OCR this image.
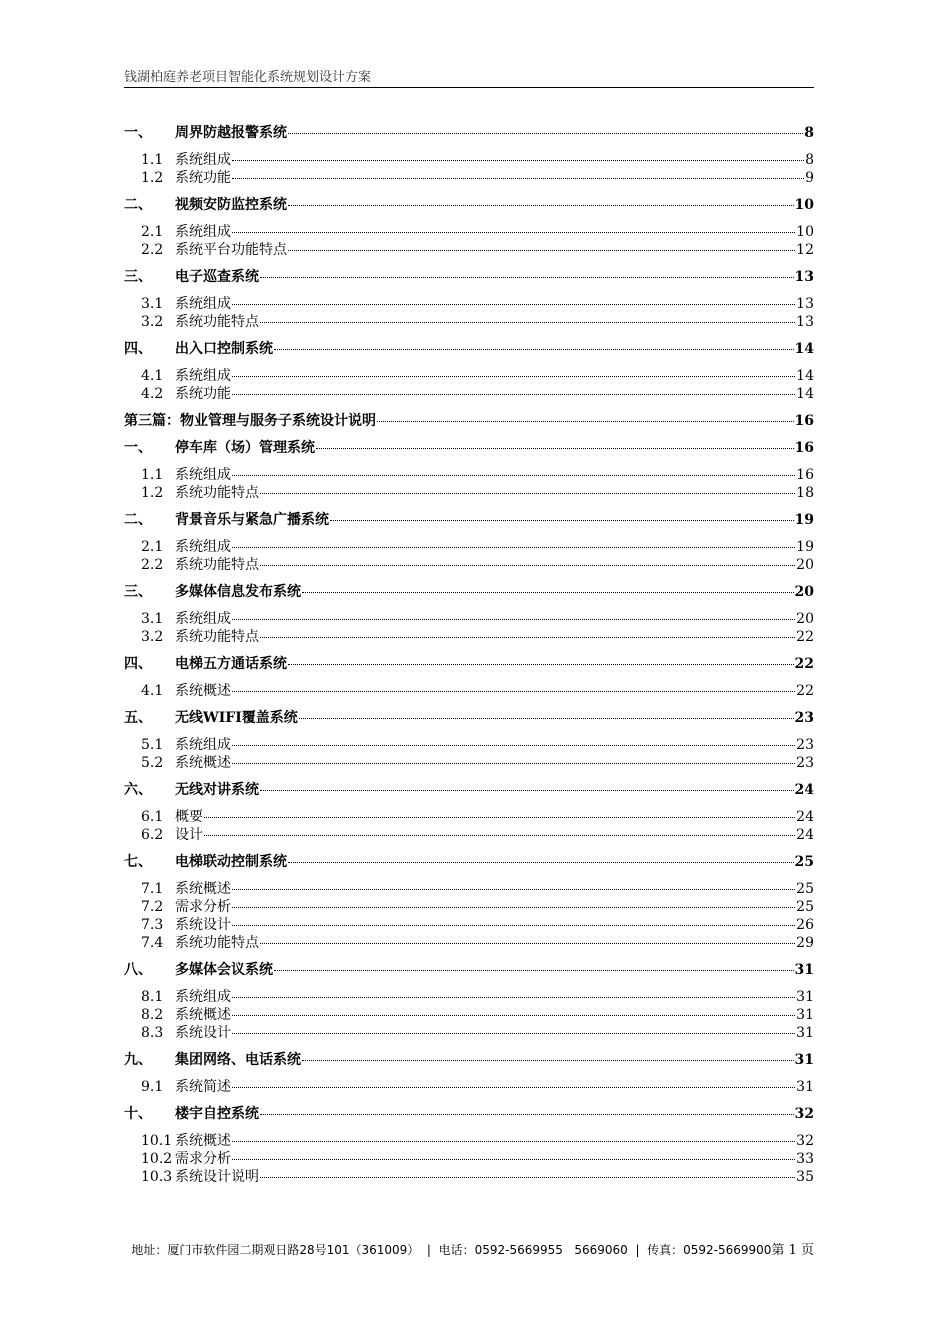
钱湖柏庭养老项目智能化系统规划设计方案
一、	周界防越报警系统	8
1.1 系统组成	8
1.2 系统功能	9
二、	视频安防监控系统	10
2.1 系统组成	10
2.2 系统平台功能特点	12
三、	电子巡查系统	13
3.1 系统组成	13
3.2 系统功能特点	13
四、	出入口控制系统	14
4.1 系统组成	14
4.2 系统功能	14
第三篇：物业管理与服务子系统设计说明	16
一、	停车库（场）管理系统	16
1.1 系统组成	16
1.2 系统功能特点	18
二、	背景音乐与紧急广播系统	19
2.1 系统组成	19
2.2 系统功能特点	20
三、	多媒体信息发布系统	20
3.1 系统组成	20
3.2 系统功能特点	22
四、	电梯五方通话系统	22
4.1 系统概述	22
五、	无线WIFI覆盖系统	23
5.1 系统组成	23
5.2 系统概述	23
六、	无线对讲系统	24
6.1 概要	24
6.2 设计	24
七、	电梯联动控制系统	25
7.1 系统概述	25
7.2 需求分析	25
7.3 系统设计	26
7.4 系统功能特点	29
八、	多媒体会议系统	31
8.1 系统组成	31
8.2 系统概述	31
8.3 系统设计	31
九、	集团网络、电话系统	31
9.1 系统简述	31
十、	楼宇自控系统	32
10.1 系统概述	32
10.2 需求分析	33
10.3 系统设计说明	35
地址：厦门市软件园二期观日路28号101（361009）  |  电话：0592-5669955   5669060  |  传真：0592-5669900第 1 页
